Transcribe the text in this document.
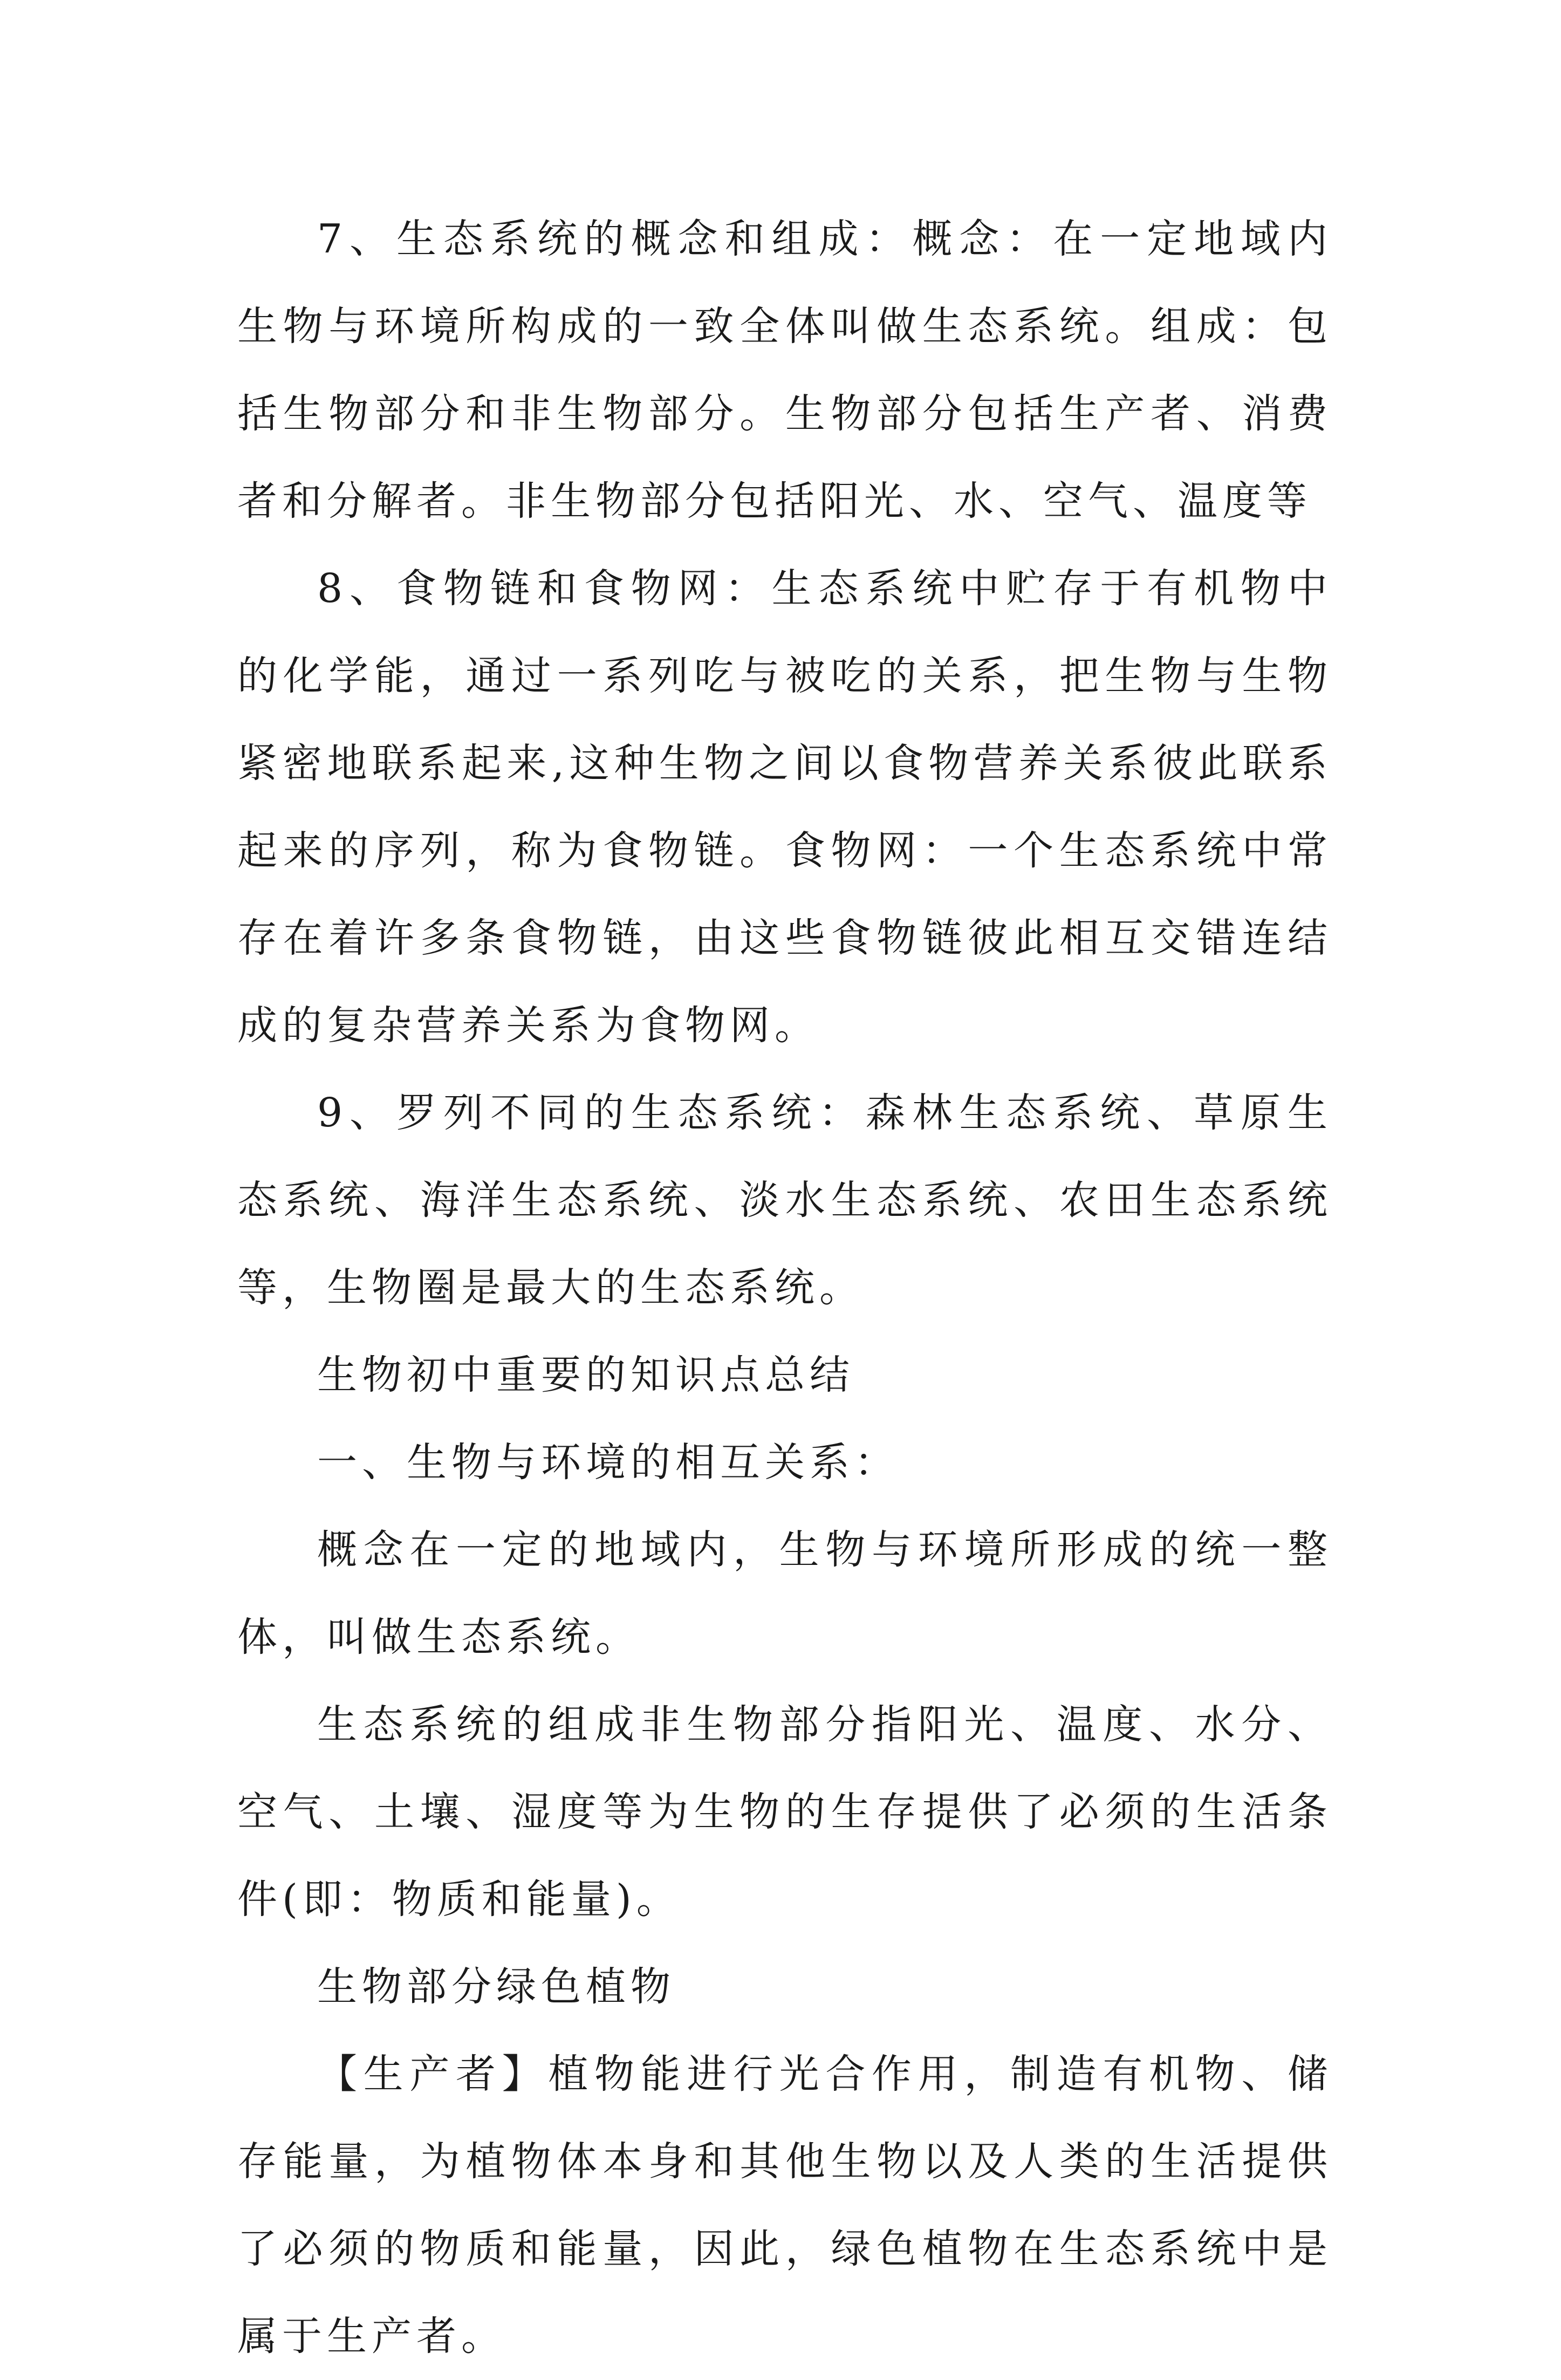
7、生态系统的概念和组成：概念：在一定地域内生物与环境所构成的一致全体叫做生态系统。组成：包括生物部分和非生物部分。生物部分包括生产者、消费者和分解者。非生物部分包括阳光、水、空气、温度等

8、食物链和食物网：生态系统中贮存于有机物中的化学能，通过一系列吃与被吃的关系，把生物与生物紧密地联系起来,这种生物之间以食物营养关系彼此联系起来的序列，称为食物链。食物网：一个生态系统中常存在着许多条食物链，由这些食物链彼此相互交错连结成的复杂营养关系为食物网。

9、罗列不同的生态系统：森林生态系统、草原生态系统、海洋生态系统、淡水生态系统、农田生态系统等，生物圈是最大的生态系统。

生物初中重要的知识点总结

一、生物与环境的相互关系：

概念在一定的地域内，生物与环境所形成的统一整体，叫做生态系统。

生态系统的组成非生物部分指阳光、温度、水分、空气、土壤、湿度等为生物的生存提供了必须的生活条件(即：物质和能量)。

生物部分绿色植物

【生产者】植物能进行光合作用，制造有机物、储存能量，为植物体本身和其他生物以及人类的生活提供了必须的物质和能量，因此，绿色植物在生态系统中是属于生产者。
